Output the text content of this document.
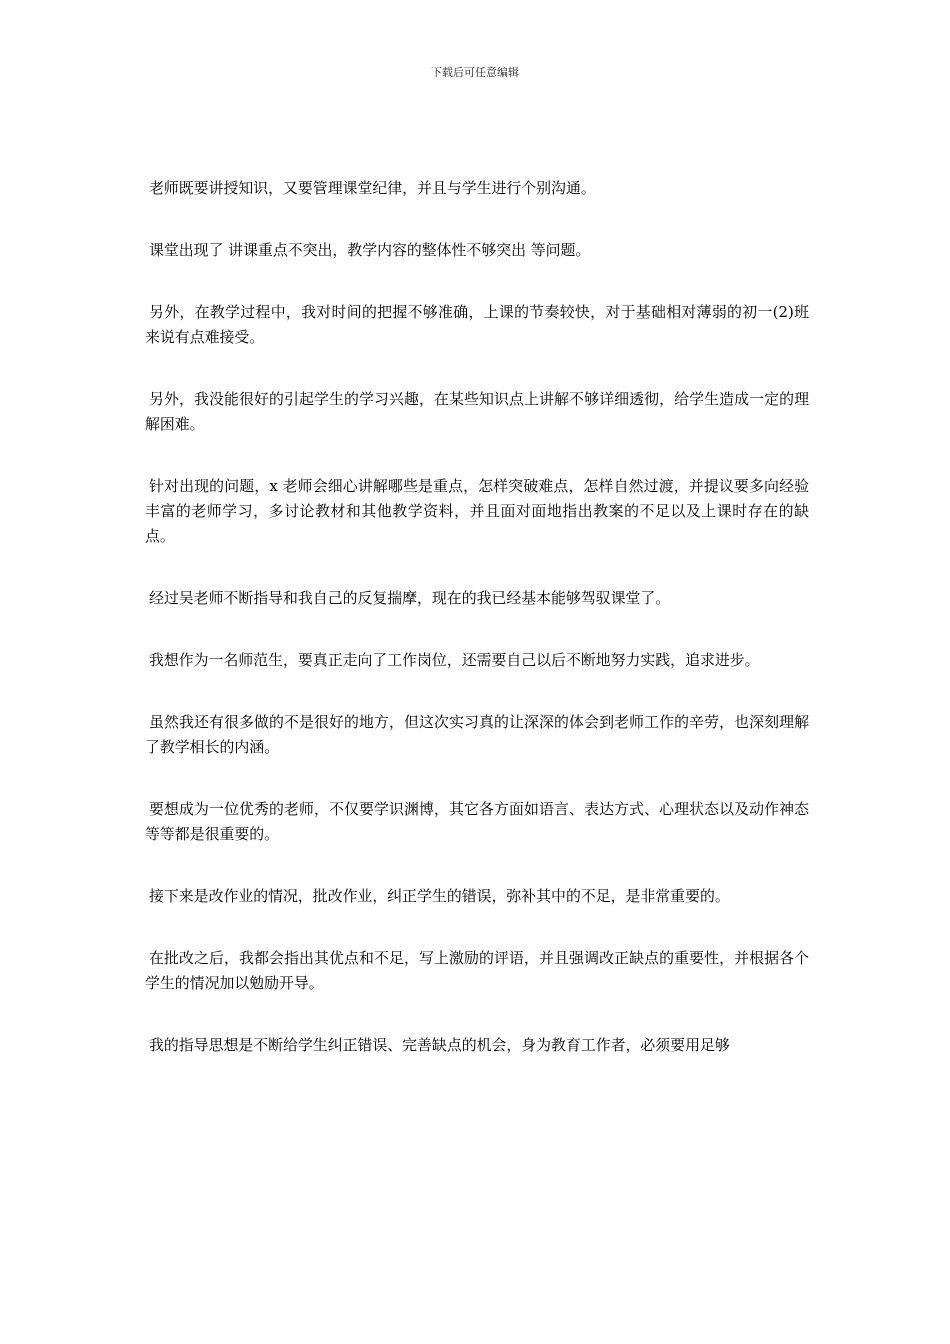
下载后可任意编辑

老师既要讲授知识，又要管理课堂纪律，并且与学生进行个别沟通。

课堂出现了 讲课重点不突出，教学内容的整体性不够突出 等问题。

另外，在教学过程中，我对时间的把握不够准确，上课的节奏较快，对于基础相对薄弱的初一(2)班来说有点难接受。

另外，我没能很好的引起学生的学习兴趣，在某些知识点上讲解不够详细透彻，给学生造成一定的理解困难。

针对出现的问题，x 老师会细心讲解哪些是重点，怎样突破难点，怎样自然过渡，并提议要多向经验丰富的老师学习，多讨论教材和其他教学资料，并且面对面地指出教案的不足以及上课时存在的缺点。

经过吴老师不断指导和我自己的反复揣摩，现在的我已经基本能够驾驭课堂了。

我想作为一名师范生，要真正走向了工作岗位，还需要自己以后不断地努力实践，追求进步。

虽然我还有很多做的不是很好的地方，但这次实习真的让深深的体会到老师工作的辛劳，也深刻理解了教学相长的内涵。

要想成为一位优秀的老师，不仅要学识渊博，其它各方面如语言、表达方式、心理状态以及动作神态等等都是很重要的。

接下来是改作业的情况，批改作业，纠正学生的错误，弥补其中的不足，是非常重要的。

在批改之后，我都会指出其优点和不足，写上激励的评语，并且强调改正缺点的重要性，并根据各个学生的情况加以勉励开导。

我的指导思想是不断给学生纠正错误、完善缺点的机会，身为教育工作者，必须要用足够
